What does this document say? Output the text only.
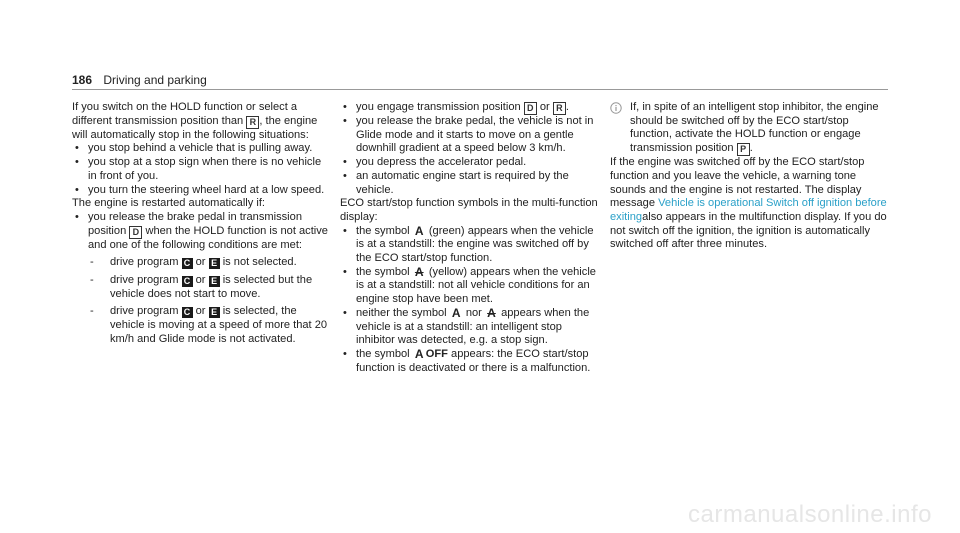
186 Driving and parking

If you switch on the HOLD function or select a different transmission position than R , the engine will automatically stop in the following situations:

• you stop behind a vehicle that is pulling away.
• you stop at a stop sign when there is no vehicle in front of you.
• you turn the steering wheel hard at a low speed.

The engine is restarted automatically if:

• you release the brake pedal in transmission position D when the HOLD function is not active and one of the following conditions are met:
- drive program C or E is not selected.
- drive program C or E is selected but the vehicle does not start to move.
- drive program C or E is selected, the vehicle is moving at a speed of more that 20 km/h and Glide mode is not activated.
• you engage transmission position D or R .
• you release the brake pedal, the vehicle is not in Glide mode and it starts to move on a gentle downhill gradient at a speed below 3 km/h.
• you depress the accelerator pedal.
• an automatic engine start is required by the vehicle.

ECO start/stop function symbols in the multi-function display:

• the symbol A (green) appears when the vehicle is at a standstill: the engine was switched off by the ECO start/stop function.
• the symbol A (yellow) appears when the vehicle is at a standstill: not all vehicle conditions for an engine stop have been met.
• neither the symbol A nor A appears when the vehicle is at a standstill: an intelligent stop inhibitor was detected, e.g. a stop sign.
• the symbol A OFF appears: the ECO start/stop function is deactivated or there is a malfunction.
If, in spite of an intelligent stop inhibitor, the engine should be switched off by the ECO start/stop function, activate the HOLD function or engage transmission position P .

If the engine was switched off by the ECO start/stop function and you leave the vehicle, a warning tone sounds and the engine is not restarted. The display message Vehicle is operational Switch off ignition before exitingalso appears in the multifunction display. If you do not switch off the ignition, the ignition is automatically switched off after three minutes.

carmanualsonline.info
